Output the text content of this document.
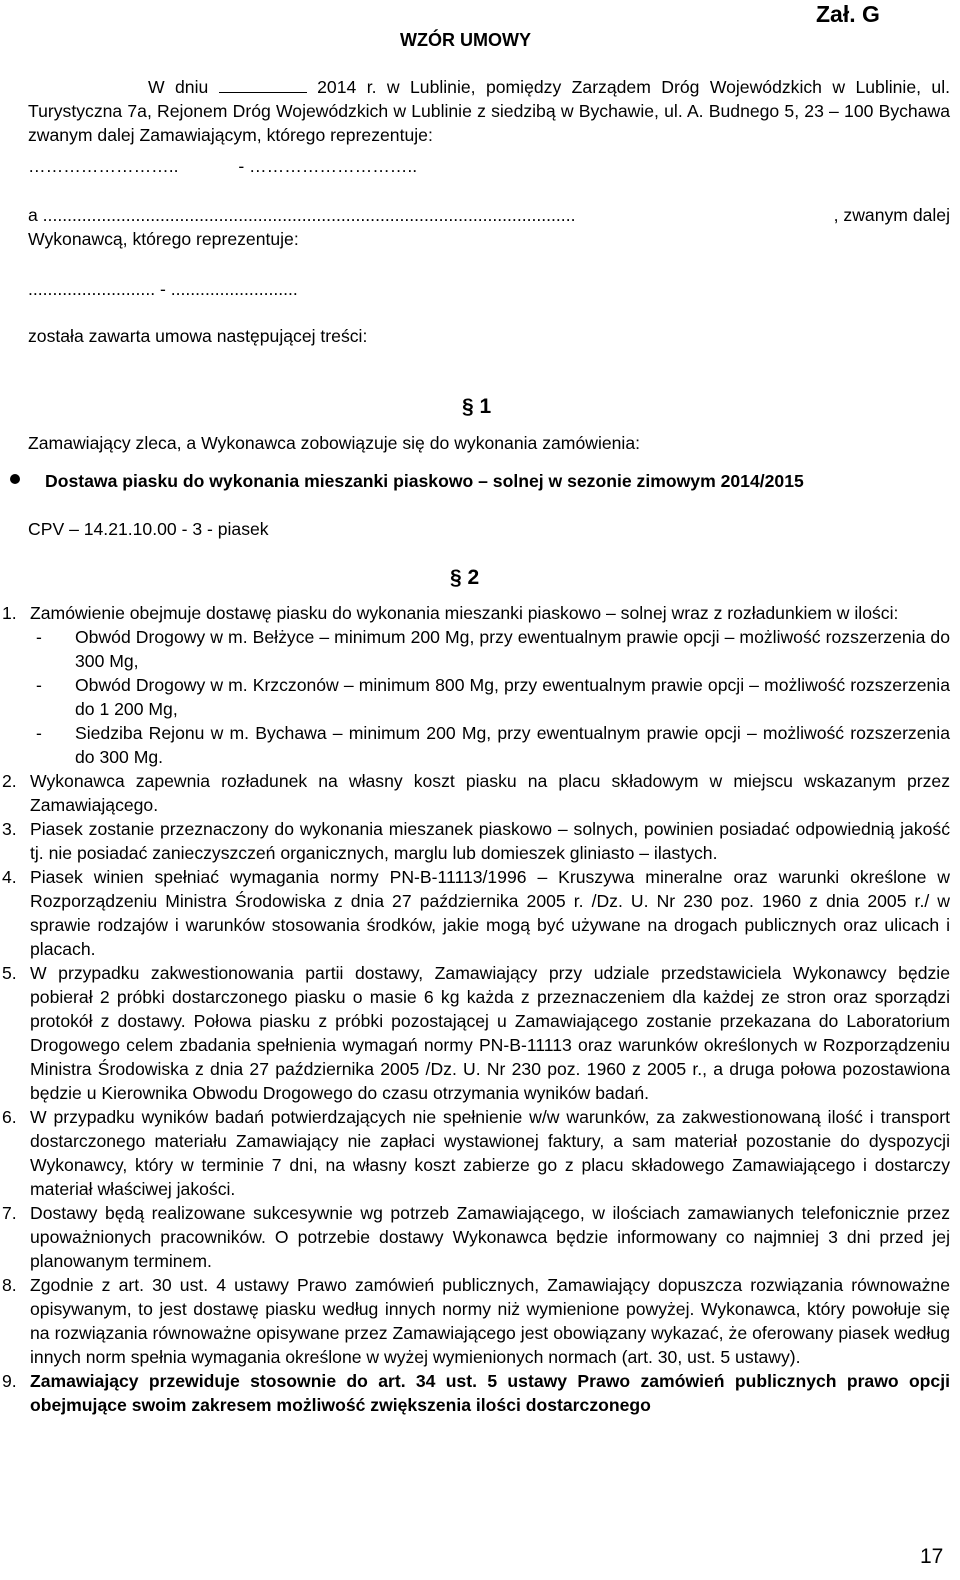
Zał. G
WZÓR UMOWY
W dniu	2014 r. w Lublinie, pomiędzy Zarządem Dróg Wojewódzkich w Lublinie, ul. Turystyczna 7a, Rejonem Dróg Wojewódzkich w Lublinie z siedzibą w Bychawie, ul. A. Budnego 5, 23 – 100 Bychawa zwanym dalej Zamawiającym, którego reprezentuje:
……………………..	- ………………………..
a .............................................................................................................	, zwanym dalej
Wykonawcą, którego reprezentuje:
.......................... - ..........................
została zawarta umowa następującej treści:
§ 1
Zamawiający zleca, a Wykonawca zobowiązuje się do wykonania zamówienia:
Dostawa piasku do wykonania mieszanki piaskowo – solnej w sezonie zimowym 2014/2015
CPV – 14.21.10.00 - 3 - piasek
§ 2
1. Zamówienie obejmuje dostawę piasku do wykonania mieszanki piaskowo – solnej wraz z rozładunkiem w ilości:
-	Obwód Drogowy w m. Bełżyce – minimum 200 Mg, przy ewentualnym prawie opcji – możliwość rozszerzenia do 300 Mg,
-	Obwód Drogowy w m. Krzczonów – minimum 800 Mg, przy ewentualnym prawie opcji – możliwość rozszerzenia do 1 200 Mg,
-	Siedziba Rejonu w m. Bychawa – minimum 200 Mg, przy ewentualnym prawie opcji – możliwość rozszerzenia do 300 Mg.
2. Wykonawca zapewnia rozładunek na własny koszt piasku na placu składowym w miejscu wskazanym przez Zamawiającego.
3. Piasek zostanie przeznaczony do wykonania mieszanek piaskowo – solnych, powinien posiadać odpowiednią jakość tj. nie posiadać zanieczyszczeń organicznych, marglu lub domieszek gliniasto – ilastych.
4. Piasek winien spełniać wymagania normy PN-B-11113/1996 – Kruszywa mineralne oraz warunki określone w Rozporządzeniu Ministra Środowiska z dnia 27 października 2005 r. /Dz. U. Nr 230 poz. 1960 z dnia 2005 r./ w sprawie rodzajów i warunków stosowania środków, jakie mogą być używane na drogach publicznych oraz ulicach i placach.
5. W przypadku zakwestionowania partii dostawy, Zamawiający przy udziale przedstawiciela Wykonawcy będzie pobierał 2 próbki dostarczonego piasku o masie 6 kg każda z przeznaczeniem dla każdej ze stron oraz sporządzi protokół z dostawy. Połowa piasku z próbki pozostającej u Zamawiającego zostanie przekazana do Laboratorium Drogowego celem zbadania spełnienia wymagań normy PN-B-11113 oraz warunków określonych w Rozporządzeniu Ministra Środowiska z dnia 27 października 2005 /Dz. U. Nr 230 poz. 1960 z 2005 r., a druga połowa pozostawiona będzie u Kierownika Obwodu Drogowego do czasu otrzymania wyników badań.
6. W przypadku wyników badań potwierdzających nie spełnienie w/w warunków, za zakwestionowaną ilość i transport dostarczonego materiału Zamawiający nie zapłaci wystawionej faktury, a sam materiał pozostanie do dyspozycji Wykonawcy, który w terminie 7 dni, na własny koszt zabierze go z placu składowego Zamawiającego i dostarczy materiał właściwej jakości.
7. Dostawy będą realizowane sukcesywnie wg potrzeb Zamawiającego, w ilościach zamawianych telefonicznie przez upoważnionych pracowników. O potrzebie dostawy Wykonawca będzie informowany co najmniej 3 dni przed jej planowanym terminem.
8. Zgodnie z art. 30 ust. 4 ustawy Prawo zamówień publicznych, Zamawiający dopuszcza rozwiązania równoważne opisywanym, to jest dostawę piasku według innych normy niż wymienione powyżej. Wykonawca, który powołuje się na rozwiązania równoważne opisywane przez Zamawiającego jest obowiązany wykazać, że oferowany piasek według innych norm spełnia wymagania określone w wyżej wymienionych normach (art. 30, ust. 5 ustawy).
9. Zamawiający przewiduje stosownie do art. 34 ust. 5 ustawy Prawo zamówień publicznych prawo opcji obejmujące swoim zakresem możliwość zwiększenia ilości dostarczonego
17
